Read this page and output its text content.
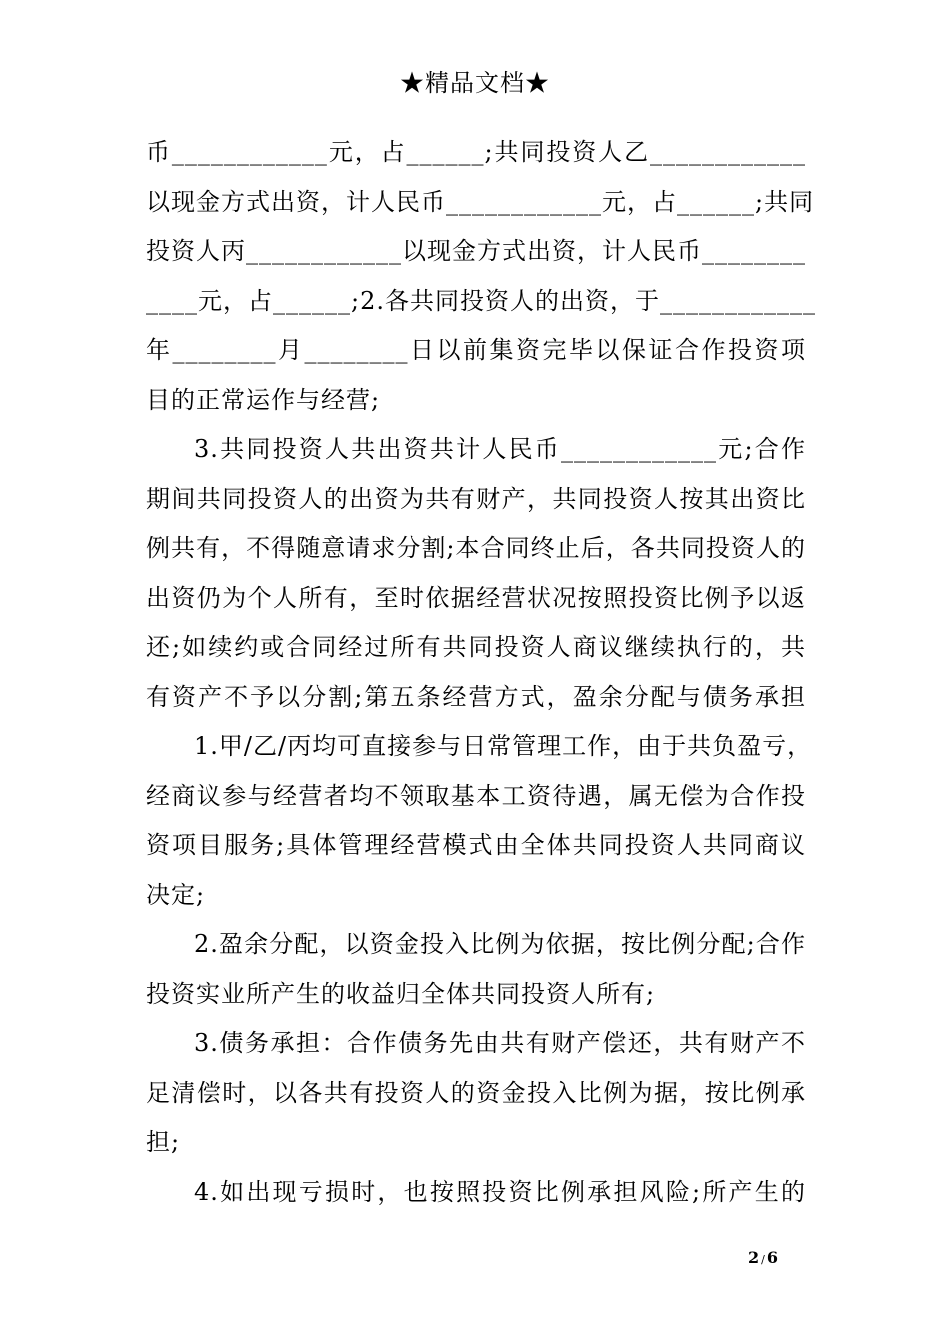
★精品文档★
币____________元，占______;共同投资人乙____________
以现金方式出资，计人民币____________元，占______;共同
投资人丙____________以现金方式出资，计人民币________
____元，占______;2.各共同投资人的出资，于____________
年________月________日以前集资完毕以保证合作投资项
目的正常运作与经营;
3.共同投资人共出资共计人民币____________元;合作
期间共同投资人的出资为共有财产，共同投资人按其出资比
例共有，不得随意请求分割;本合同终止后，各共同投资人的
出资仍为个人所有，至时依据经营状况按照投资比例予以返
还;如续约或合同经过所有共同投资人商议继续执行的，共
有资产不予以分割;第五条经营方式，盈余分配与债务承担
1.甲/乙/丙均可直接参与日常管理工作，由于共负盈亏，
经商议参与经营者均不领取基本工资待遇，属无偿为合作投
资项目服务;具体管理经营模式由全体共同投资人共同商议
决定;
2.盈余分配，以资金投入比例为依据，按比例分配;合作
投资实业所产生的收益归全体共同投资人所有;
3.债务承担：合作债务先由共有财产偿还，共有财产不
足清偿时，以各共有投资人的资金投入比例为据，按比例承
担;
4.如出现亏损时，也按照投资比例承担风险;所产生的
2 / 6
